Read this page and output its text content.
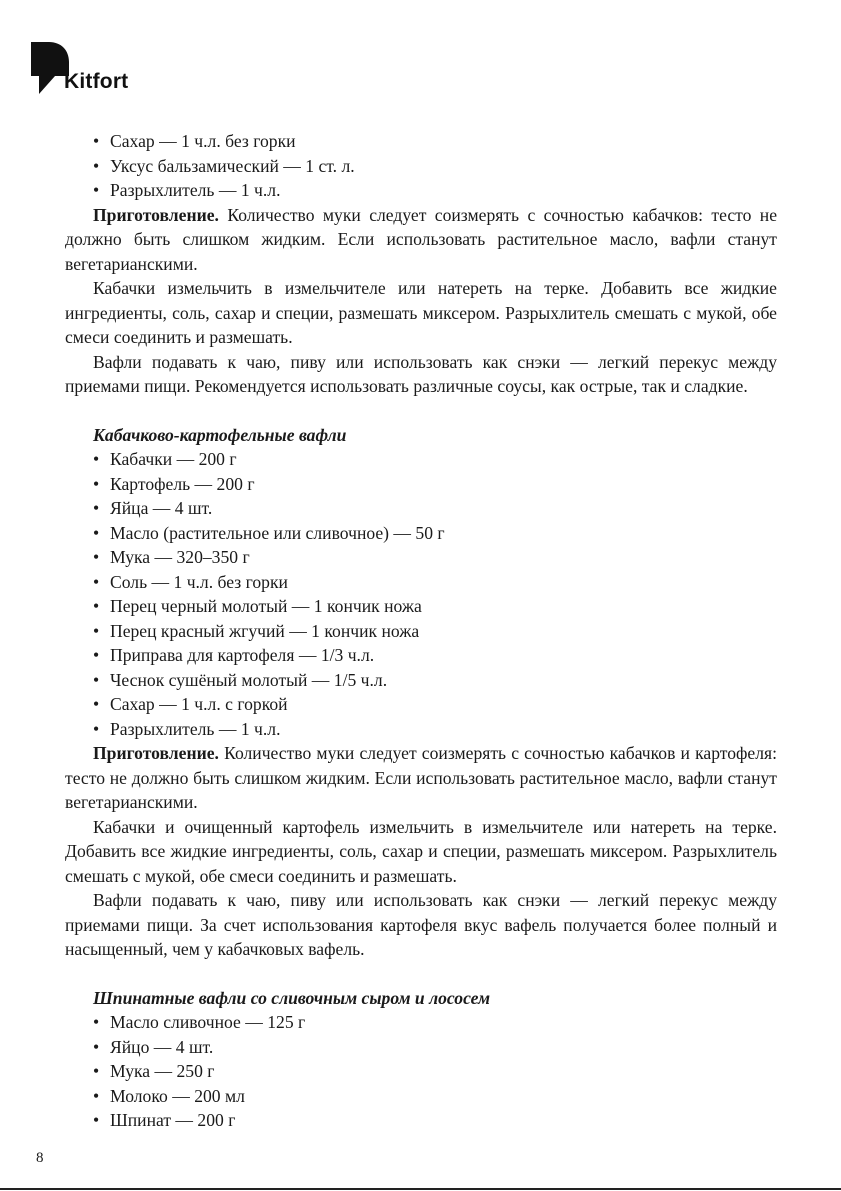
Kitfort
• Сахар — 1 ч.л. без горки
• Уксус бальзамический — 1 ст. л.
• Разрыхлитель — 1 ч.л.

Приготовление. Количество муки следует соизмерять с сочностью кабачков: тесто не должно быть слишком жидким. Если использовать растительное масло, вафли станут вегетарианскими.

Кабачки измельчить в измельчителе или натереть на терке. Добавить все жидкие ингредиенты, соль, сахар и специи, размешать миксером. Разрыхлитель смешать с мукой, обе смеси соединить и размешать.

Вафли подавать к чаю, пиву или использовать как снэки — легкий перекус между приемами пищи. Рекомендуется использовать различные соусы, как острые, так и сладкие.

Кабачково-картофельные вафли
• Кабачки — 200 г
• Картофель — 200 г
• Яйца — 4 шт.
• Масло (растительное или сливочное) — 50 г
• Мука — 320–350 г
• Соль — 1 ч.л. без горки
• Перец черный молотый — 1 кончик ножа
• Перец красный жгучий — 1 кончик ножа
• Приправа для картофеля — 1/3 ч.л.
• Чеснок сушёный молотый — 1/5 ч.л.
• Сахар — 1 ч.л. с горкой
• Разрыхлитель — 1 ч.л.

Приготовление. Количество муки следует соизмерять с сочностью кабачков и картофеля: тесто не должно быть слишком жидким. Если использовать растительное масло, вафли станут вегетарианскими.

Кабачки и очищенный картофель измельчить в измельчителе или натереть на терке. Добавить все жидкие ингредиенты, соль, сахар и специи, размешать миксером. Разрыхлитель смешать с мукой, обе смеси соединить и размешать.

Вафли подавать к чаю, пиву или использовать как снэки — легкий перекус между приемами пищи. За счет использования картофеля вкус вафель получается более полный и насыщенный, чем у кабачковых вафель.

Шпинатные вафли со сливочным сыром и лососем
• Масло сливочное — 125 г
• Яйцо — 4 шт.
• Мука — 250 г
• Молоко — 200 мл
• Шпинат — 200 г
8
